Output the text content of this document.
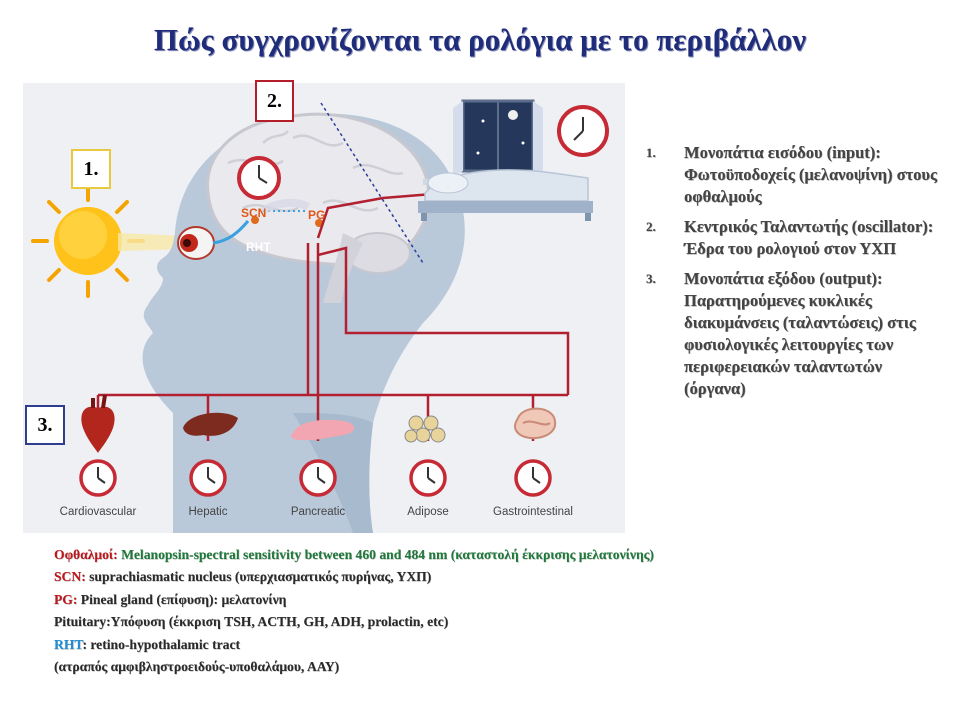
Πώς συγχρονίζονται τα ρολόγια με το περιβάλλον
SCN	PG
RHT
Cardiovascular	Hepatic	Pancreatic	Adipose	Gastrointestinal
1.
2.
3.
1.	Μονοπάτια εισόδου (input): Φωτοϋποδοχείς (μελανοψίνη) στους οφθαλμούς
2.	Κεντρικός Ταλαντωτής (oscillator): Έδρα του ρολογιού στον ΥΧΠ
3.	Μονοπάτια εξόδου (output): Παρατηρούμενες κυκλικές διακυμάνσεις (ταλαντώσεις) στις φυσιολογικές λειτουργίες των περιφερειακών ταλαντωτών (όργανα)
Οφθαλμοί: Melanopsin-spectral sensitivity between 460 and 484 nm (καταστολή έκκρισης μελατονίνης)
SCN: suprachiasmatic nucleus (υπερχιασματικός πυρήνας, ΥΧΠ)
PG: Pineal gland (επίφυση): μελατονίνη
Pituitary:Υπόφυση (έκκριση TSH, ACTH, GH, ADH, prolactin, etc)
RHT: retino-hypothalamic tract
(ατραπός αμφιβληστροειδούς-υποθαλάμου, ΑΑΥ)
